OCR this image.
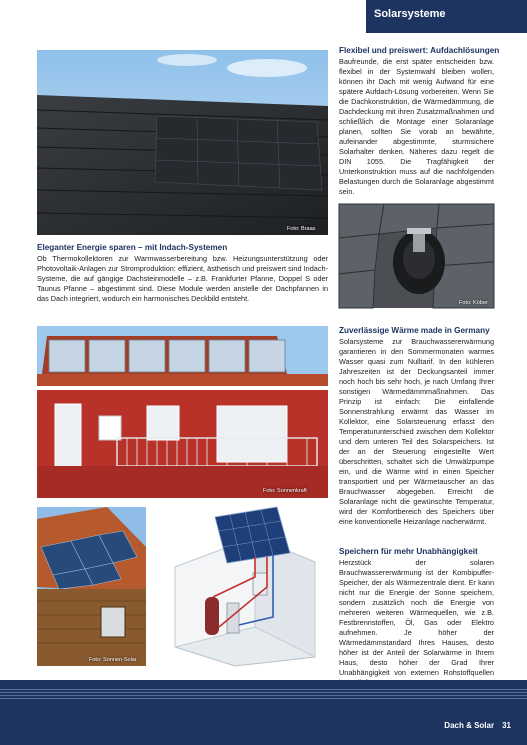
Solarsysteme
Foto: Braas
Eleganter Energie sparen – mit Indach-Systemen
Ob Thermokollektoren zur Warmwasserbereitung bzw. Heizungsunterstützung oder Photovoltaik-Anlagen zur Stromproduktion: effizient, ästhetisch und preiswert sind Indach-Systeme, die auf gängige Dachsteinmodelle – z.B. Frankfurter Pfanne, Doppel S oder Taunus Pfanne – abgestimmt sind. Diese Module werden anstelle der Dachpfannen in das Dach integriert, wodurch ein harmonisches Deckbild entsteht.
Flexibel und preiswert: Aufdachlösungen
Baufreunde, die erst später entscheiden bzw. flexibel in der Systemwahl bleiben wollen, können ihr Dach mit wenig Aufwand für eine spätere Aufdach-Lösung vorbereiten. Wenn Sie die Dachkonstruktion, die Wärmedämmung, die Dachdeckung mit ihren Zusatzmaßnahmen und schließlich die Montage einer Solaranlage planen, sollten Sie vorab an bewährte, aufeinander abgestimmte, sturmsichere Solarhalter denken. Näheres dazu regelt die DIN 1055. Die Tragfähigkeit der Unterkonstruktion muss auf die nachfolgenden Belastungen durch die Solaranlage abgestimmt sein.
Foto: Köber
Foto: Sonnenkraft
Foto: Sonnen-Solar
Zuverlässige Wärme made in Germany
Solarsysteme zur Brauchwassererwärmung garantieren in den Sommermonaten warmes Wasser quasi zum Nulltarif. In den kühleren Jahreszeiten ist der Deckungsanteil immer noch hoch bis sehr hoch, je nach Umfang Ihrer sonstigen Wärmedämmmaßnahmen. Das Prinzip ist einfach: Die einfallende Sonnenstrahlung erwärmt das Wasser im Kollektor, eine Solarsteuerung erfasst den Temperaturunterschied zwischen dem Kollektor und dem unteren Teil des Solarspeichers. Ist der an der Steuerung eingestellte Wert überschritten, schaltet sich die Umwälzpumpe ein, und die Wärme wird in einen Speicher transportiert und per Wärmetauscher an das Brauchwasser abgegeben. Erreicht die Solaranlage nicht die gewünschte Temperatur, wird der Komfortbereich des Speichers über eine konventionelle Heizanlage nacherwärmt.
Speichern für mehr Unabhängigkeit
Herzstück der solaren Brauchwassererwärmung ist der Kombipuffer-Speicher, der als Wärmezentrale dient. Er kann nicht nur die Energie der Sonne speichern, sondern zusätzlich noch die Energie von mehreren weiteren Wärmequellen, wie z.B. Festbrennstoffen, Öl, Gas oder Elektro aufnehmen. Je höher der Wärmedämmstandard Ihres Hauses, desto höher ist der Anteil der Solarwärme in Ihrem Haus, desto höher der Grad Ihrer Unabhängigkeit von externen Rohstoffquellen
Dach & Solar 31
